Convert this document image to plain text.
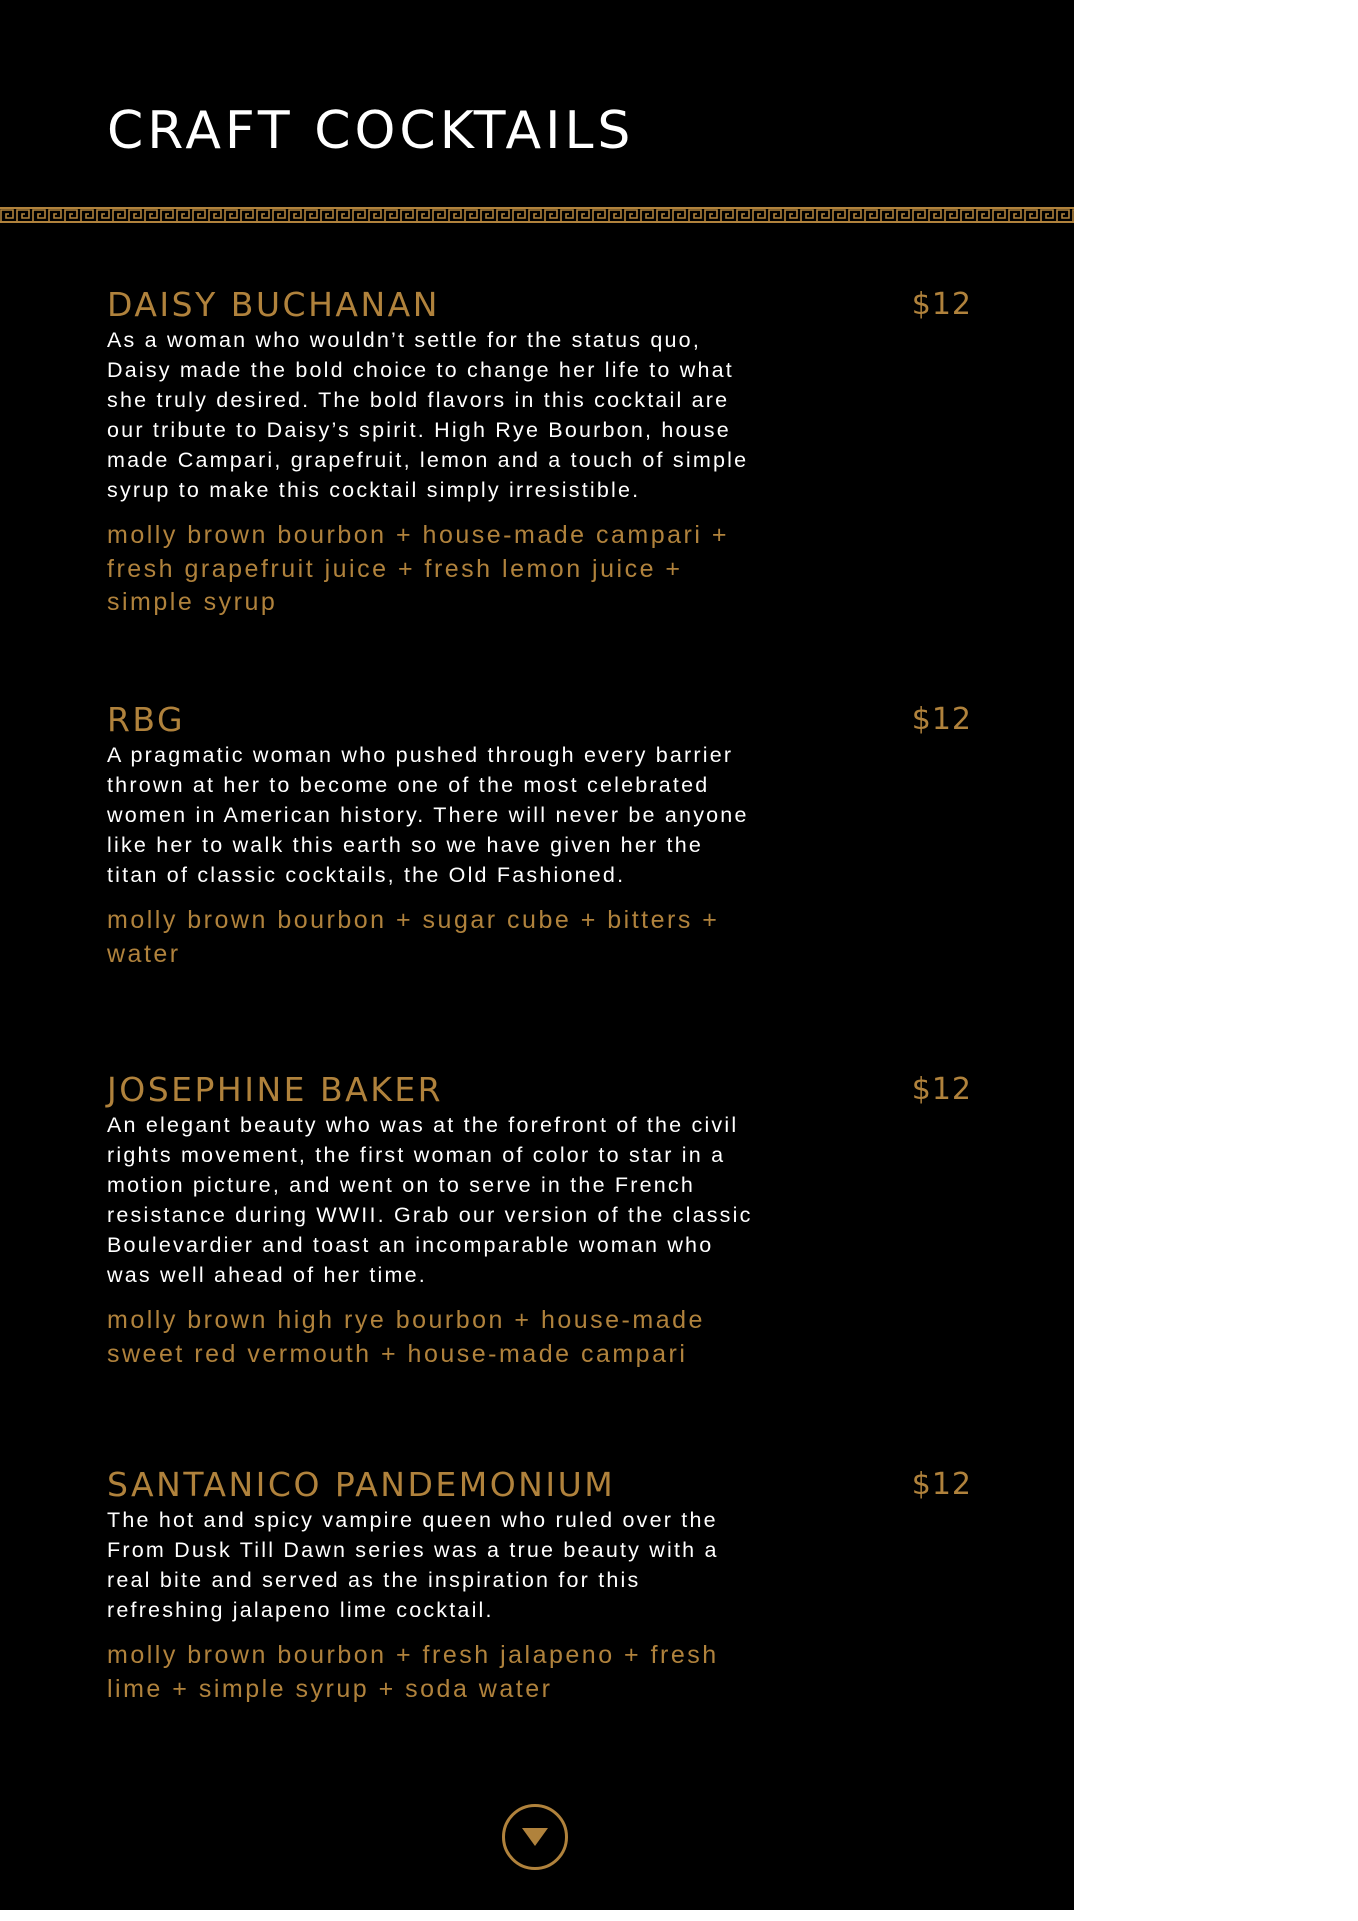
CRAFT COCKTAILS
DAISY BUCHANAN	$12
As a woman who wouldn’t settle for the status quo, Daisy made the bold choice to change her life to what she truly desired. The bold flavors in this cocktail are our tribute to Daisy’s spirit. High Rye Bourbon, house made Campari, grapefruit, lemon and a touch of simple syrup to make this cocktail simply irresistible.
molly brown bourbon + house-made campari + fresh grapefruit juice + fresh lemon juice + simple syrup
RBG	$12
A pragmatic woman who pushed through every barrier thrown at her to become one of the most celebrated women in American history. There will never be anyone like her to walk this earth so we have given her the titan of classic cocktails, the Old Fashioned.
molly brown bourbon + sugar cube + bitters + water
JOSEPHINE BAKER	$12
An elegant beauty who was at the forefront of the civil rights movement, the first woman of color to star in a motion picture, and went on to serve in the French resistance during WWII. Grab our version of the classic Boulevardier and toast an incomparable woman who was well ahead of her time.
molly brown high rye bourbon + house-made sweet red vermouth + house-made campari
SANTANICO PANDEMONIUM	$12
The hot and spicy vampire queen who ruled over the From Dusk Till Dawn series was a true beauty with a real bite and served as the inspiration for this refreshing jalapeno lime cocktail.
molly brown bourbon + fresh jalapeno + fresh lime + simple syrup + soda water
